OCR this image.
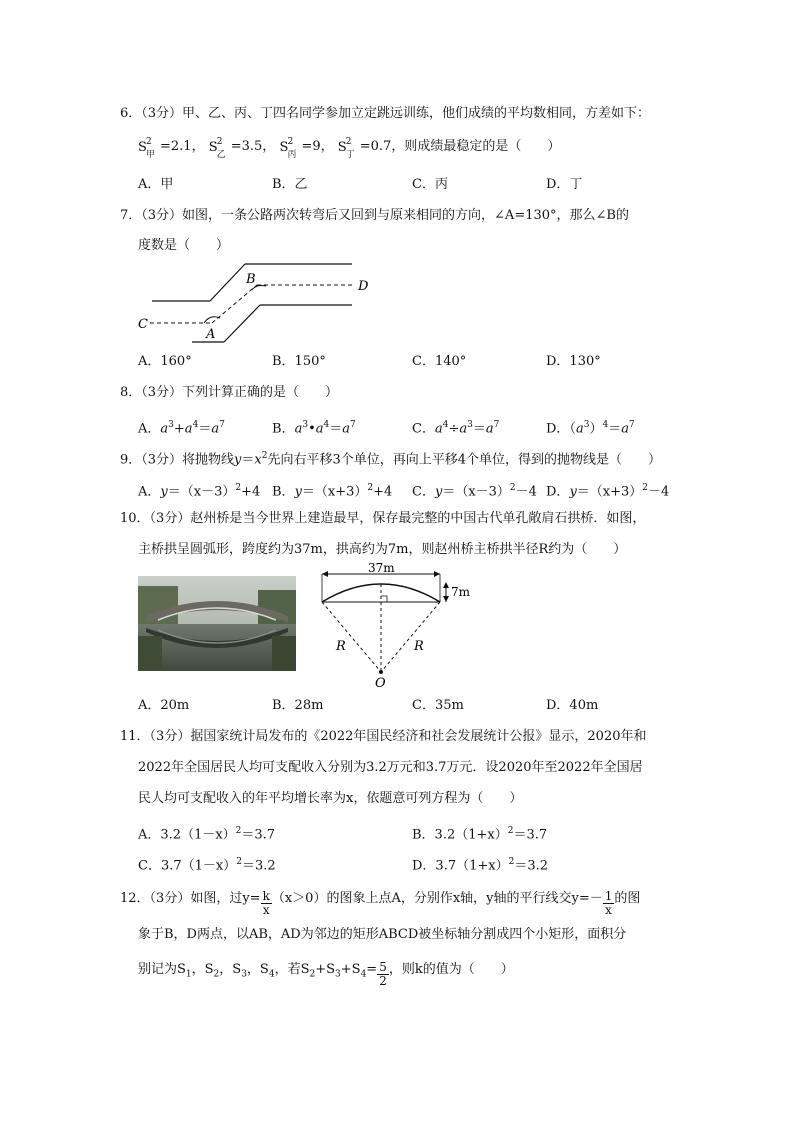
6．（3分）甲、乙、丙、丁四名同学参加立定跳远训练，他们成绩的平均数相同，方差如下：
S 2
甲
=2.1， S 2
乙
=3.5， S 2
丙
=9， S 2
丁
=0.7，则成绩最稳定的是（　　）
A．甲	B．乙	C．丙	D．丁
7．（3分）如图，一条公路两次转弯后又回到与原来相同的方向，∠A=130°，那么∠B的
度数是（　　）
C
A
B	D
A．160°	B．150°	C．140°	D．130°
8．（3分）下列计算正确的是（　　）
A．$a^3+a^4=a^7$	B．$a^3•a^4=a^7$	C．$a^4\div a^3=a^7$	D．$(a^3)^4=a^7$
9．（3分）将抛物线$y=x^2$先向右平移3个单位，再向上平移4个单位，得到的抛物线是（　　）
A．$y=(x-3)^2+4$ B．$y=(x+3)^2+4$ C．$y=(x-3)^2-4$ D．$y=(x+3)^2-4$
10．（3分）赵州桥是当今世界上建造最早，保存最完整的中国古代单孔敞肩石拱桥．如图，
主桥拱呈圆弧形，跨度约为37m，拱高约为7m，则赵州桥主桥拱半径R约为（　　）
37m
7m
R	R
O
A．20m	B．28m	C．35m	D．40m
11．（3分）据国家统计局发布的《2022年国民经济和社会发展统计公报》显示，2020年和
2022年全国居民人均可支配收入分别为3.2万元和3.7万元．设2020年至2022年全国居
民人均可支配收入的年平均增长率为x，依题意可列方程为（　　）
A．$3.2(1-x)^2=3.7$	B．$3.2(1+x)^2=3.7$
C．$3.7(1-x)^2=3.2$	D．$3.7(1+x)^2=3.2$
12．（3分）如图，过$y= \frac{k}{x} (x>0)$的图象上点A，分别作x轴，y轴的平行线交$y=- \frac{1}{x}$ 的图
象于B，D两点，以AB，AD为邻边的矩形ABCD被坐标轴分割成四个小矩形，面积分
别记为$S_1$，$S_2$，$S_3$，$S_4$，若$S_2+S_3+S_4= \frac{5}{2}$ ，则k的值为（　　）
